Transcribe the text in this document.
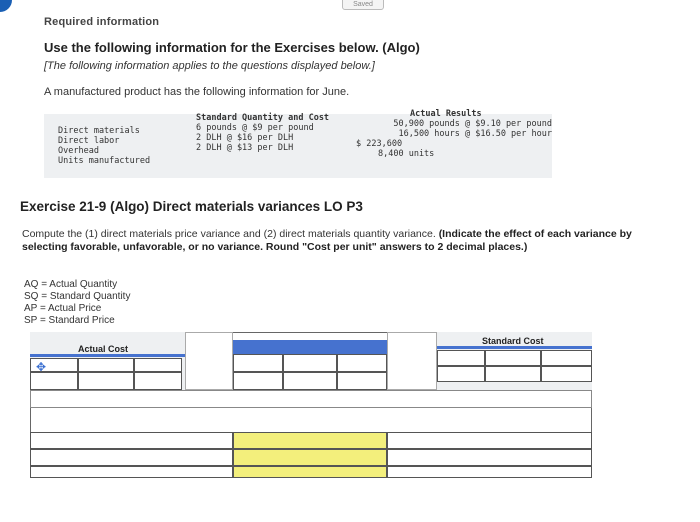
Saved
Required information
Use the following information for the Exercises below. (Algo)
[The following information applies to the questions displayed below.]
A manufactured product has the following information for June.
Direct materials
Direct labor
Overhead
Units manufactured
Standard Quantity and Cost
6 pounds @ $9 per pound
2 DLH @ $16 per DLH
2 DLH @ $13 per DLH
Actual Results
50,900 pounds @ $9.10 per pound
16,500 hours @ $16.50 per hour
$ 223,600
8,400 units
Exercise 21-9 (Algo) Direct materials variances LO P3
Compute the (1) direct materials price variance and (2) direct materials quantity variance. (Indicate the effect of each variance by selecting favorable, unfavorable, or no variance. Round "Cost per unit" answers to 2 decimal places.)
AQ = Actual Quantity
SQ = Standard Quantity
AP = Actual Price
SP = Standard Price
Actual Cost
✥
Standard Cost
